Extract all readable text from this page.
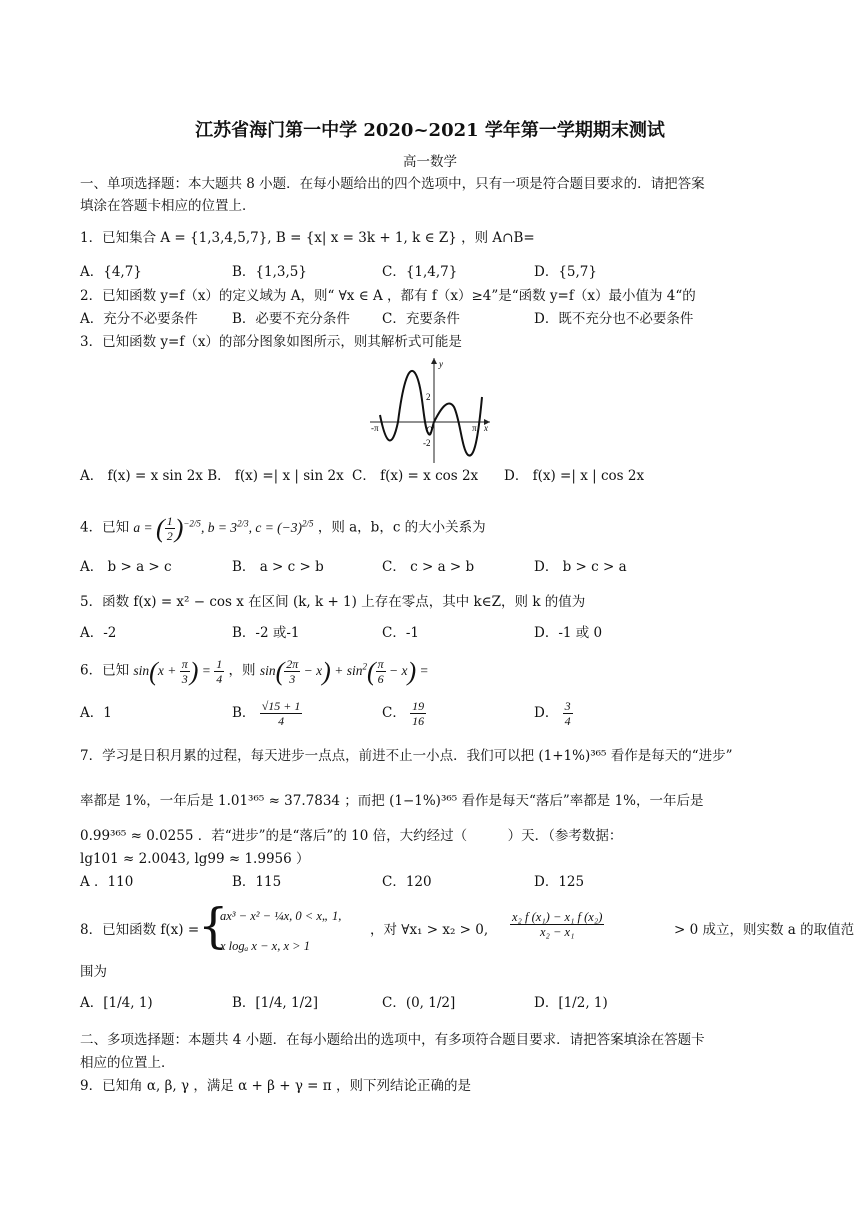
江苏省海门第一中学 2020~2021 学年第一学期期末测试
高一数学
一、单项选择题：本大题共 8 小题．在每小题给出的四个选项中，只有一项是符合题目要求的．请把答案
填涂在答题卡相应的位置上．
1．已知集合 A = {1,3,4,5,7}, B = {x| x = 3k + 1, k ∈ Z} ，则 A∩B=
A．{4,7}	B．{1,3,5}	C．{1,4,7}	D．{5,7}
2．已知函数 y=f（x）的定义域为 A，则“ ∀x ∈ A ，都有 f（x）≥4”是“函数 y=f（x）最小值为 4“的
A．充分不必要条件	B．必要不充分条件 C．充要条件	D．既不充分也不必要条件
3．已知函数 y=f（x）的部分图象如图所示，则其解析式可能是
y
x
2
-2
-π	π
O
A． f(x) = x sin 2x B． f(x) =| x | sin 2x C． f(x) = x cos 2x D． f(x) =| x | cos 2x
4．已知 a = ( $\frac{1}{2} )^{-2/5}$, $b = 3^{2/3}$, $c = (-3)^{2/5}$ ，则 a，b，c 的大小关系为
A． b > a > c	B． a > c > b	C． c > a > b	D． b > c > a
5．函数 f(x) = x² − cos x 在区间 (k, k + 1) 上存在零点，其中 k∈Z，则 k 的值为
A．-2	B．-2 或-1	C．-1	D．-1 或 0
6．已知 $\sin(x + \frac{\pi}{3}$ ) = $\frac{1}{4}$ ，则 $\sin( \frac{2\pi}{3} - x) + \sin^2( \frac{\pi}{6} - x)$ =
A．1	B． $\frac{√15 + 1}{4}$	C． $\frac{19}{16}$	D． $\frac{3}{4}$
7．学习是日积月累的过程，每天进步一点点，前进不止一小点．我们可以把 (1+1%)³⁶⁵ 看作是每天的“进步”
率都是 1%，一年后是 1.01³⁶⁵ ≈ 37.7834 ；而把 (1−1%)³⁶⁵ 看作是每天“落后”率都是 1%，一年后是
0.99³⁶⁵ ≈ 0.0255 ．若“进步”的是“落后”的 10 倍，大约经过（　　　）天．（参考数据：
lg101 ≈ 2.0043, lg99 ≈ 1.9956 ）
A ．110	B．115	C．120	D．125
8．已知函数 f(x) =
{
ax³ − x² − ¼x, 0 < x„ 1,
x logₐ x − x, x > 1
，对 ∀x₁ > x₂ > 0, $\frac{\text{x₂ f (x₁) − x₁ f (x₂)}}{\text{x₂ − x₁}}$	> 0 成立，则实数 a 的取值范
围为
A．[1/4, 1)	B．[1/4, 1/2]	C．(0, 1/2]	D．[1/2, 1)
二、多项选择题：本题共 4 小题．在每小题给出的选项中，有多项符合题目要求．请把答案填涂在答题卡
相应的位置上．
9．已知角 α, β, γ ，满足 α + β + γ = π ，则下列结论正确的是
